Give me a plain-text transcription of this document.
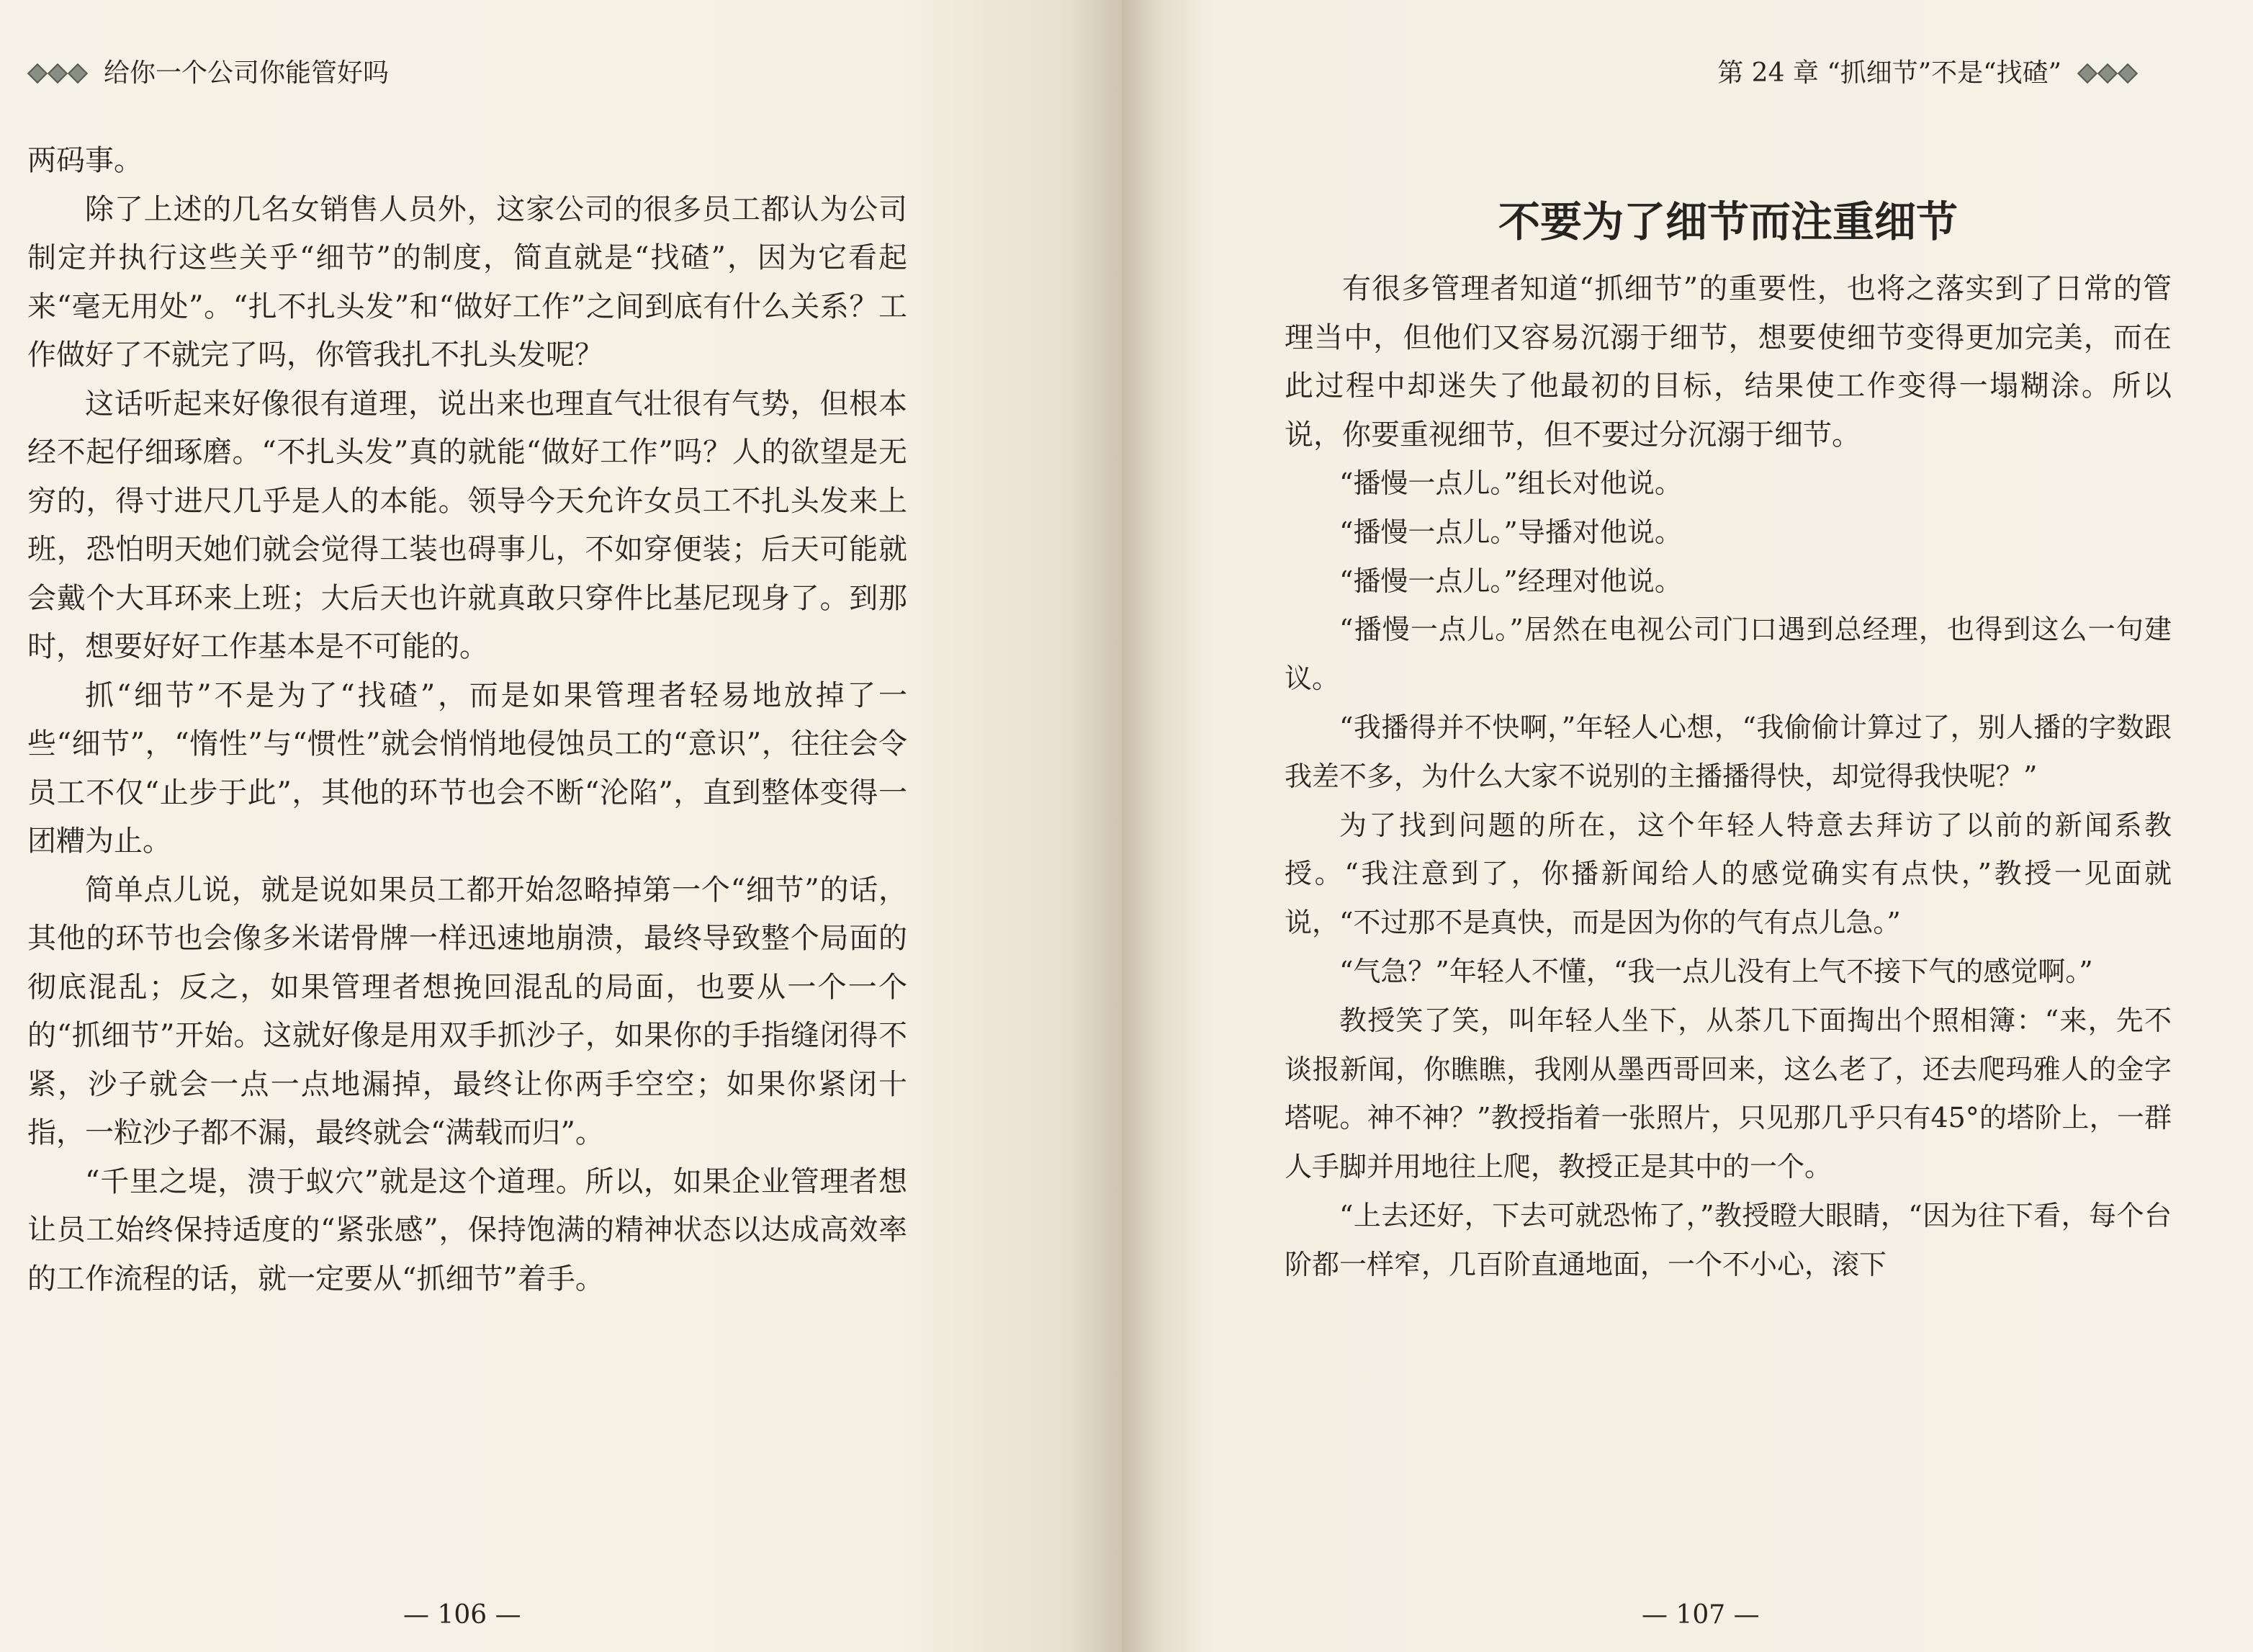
给你一个公司你能管好吗

两码事。

除了上述的几名女销售人员外，这家公司的很多员工都认为公司制定并执行这些关乎“细节”的制度，简直就是“找碴”，因为它看起来“毫无用处”。“扎不扎头发”和“做好工作”之间到底有什么关系？工作做好了不就完了吗，你管我扎不扎头发呢？

这话听起来好像很有道理，说出来也理直气壮很有气势，但根本经不起仔细琢磨。“不扎头发”真的就能“做好工作”吗？人的欲望是无穷的，得寸进尺几乎是人的本能。领导今天允许女员工不扎头发来上班，恐怕明天她们就会觉得工装也碍事儿，不如穿便装；后天可能就会戴个大耳环来上班；大后天也许就真敢只穿件比基尼现身了。到那时，想要好好工作基本是不可能的。

抓“细节”不是为了“找碴”，而是如果管理者轻易地放掉了一些“细节”，“惰性”与“惯性”就会悄悄地侵蚀员工的“意识”，往往会令员工不仅“止步于此”，其他的环节也会不断“沦陷”，直到整体变得一团糟为止。

简单点儿说，就是说如果员工都开始忽略掉第一个“细节”的话，其他的环节也会像多米诺骨牌一样迅速地崩溃，最终导致整个局面的彻底混乱；反之，如果管理者想挽回混乱的局面，也要从一个一个的“抓细节”开始。这就好像是用双手抓沙子，如果你的手指缝闭得不紧，沙子就会一点一点地漏掉，最终让你两手空空；如果你紧闭十指，一粒沙子都不漏，最终就会“满载而归”。

“千里之堤，溃于蚁穴”就是这个道理。所以，如果企业管理者想让员工始终保持适度的“紧张感”，保持饱满的精神状态以达成高效率的工作流程的话，就一定要从“抓细节”着手。

— 106 —
第 24 章 “抓细节”不是“找碴”
不要为了细节而注重细节

有很多管理者知道“抓细节”的重要性，也将之落实到了日常的管理当中，但他们又容易沉溺于细节，想要使细节变得更加完美，而在此过程中却迷失了他最初的目标，结果使工作变得一塌糊涂。所以说，你要重视细节，但不要过分沉溺于细节。

“播慢一点儿。”组长对他说。

“播慢一点儿。”导播对他说。

“播慢一点儿。”经理对他说。

“播慢一点儿。”居然在电视公司门口遇到总经理，也得到这么一句建议。

“我播得并不快啊，”年轻人心想，“我偷偷计算过了，别人播的字数跟我差不多，为什么大家不说别的主播播得快，却觉得我快呢？”

为了找到问题的所在，这个年轻人特意去拜访了以前的新闻系教授。“我注意到了，你播新闻给人的感觉确实有点快，”教授一见面就说，“不过那不是真快，而是因为你的气有点儿急。”

“气急？”年轻人不懂，“我一点儿没有上气不接下气的感觉啊。”

教授笑了笑，叫年轻人坐下，从茶几下面掏出个照相簿：“来，先不谈报新闻，你瞧瞧，我刚从墨西哥回来，这么老了，还去爬玛雅人的金字塔呢。神不神？”教授指着一张照片，只见那几乎只有45°的塔阶上，一群人手脚并用地往上爬，教授正是其中的一个。

“上去还好，下去可就恐怖了，”教授瞪大眼睛，“因为往下看，每个台阶都一样窄，几百阶直通地面，一个不小心，滚下

— 107 —
